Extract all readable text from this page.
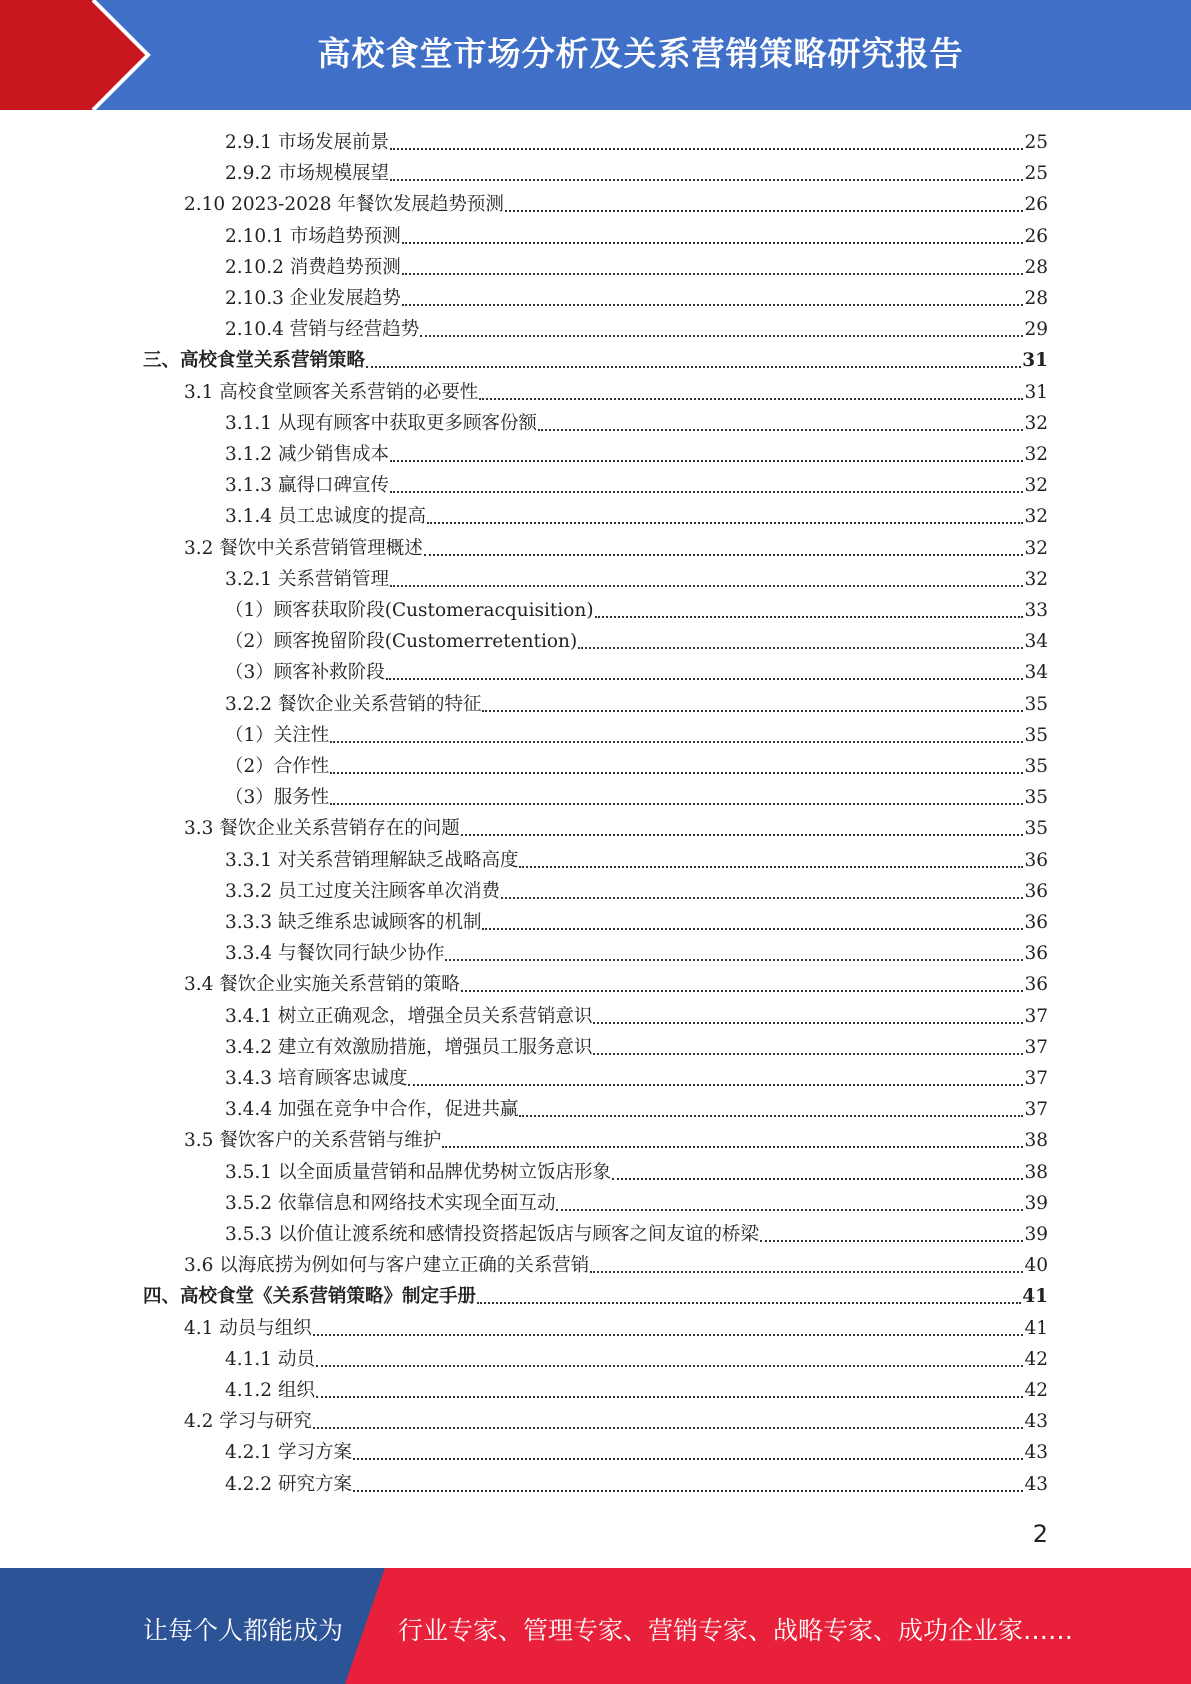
高校食堂市场分析及关系营销策略研究报告
2.9.1 市场发展前景	25
2.9.2 市场规模展望	25
2.10 2023-2028 年餐饮发展趋势预测	26
2.10.1 市场趋势预测	26
2.10.2 消费趋势预测	28
2.10.3 企业发展趋势	28
2.10.4 营销与经营趋势	29
三、高校食堂关系营销策略	31
3.1 高校食堂顾客关系营销的必要性	31
3.1.1 从现有顾客中获取更多顾客份额	32
3.1.2 减少销售成本	32
3.1.3 赢得口碑宣传	32
3.1.4 员工忠诚度的提高	32
3.2 餐饮中关系营销管理概述	32
3.2.1 关系营销管理	32
（1）顾客获取阶段(Customeracquisition)	33
（2）顾客挽留阶段(Customerretention)	34
（3）顾客补救阶段	34
3.2.2 餐饮企业关系营销的特征	35
（1）关注性	35
（2）合作性	35
（3）服务性	35
3.3 餐饮企业关系营销存在的问题	35
3.3.1 对关系营销理解缺乏战略高度	36
3.3.2 员工过度关注顾客单次消费	36
3.3.3 缺乏维系忠诚顾客的机制	36
3.3.4 与餐饮同行缺少协作	36
3.4 餐饮企业实施关系营销的策略	36
3.4.1 树立正确观念，增强全员关系营销意识	37
3.4.2 建立有效激励措施，增强员工服务意识	37
3.4.3 培育顾客忠诚度	37
3.4.4 加强在竞争中合作，促进共赢	37
3.5 餐饮客户的关系营销与维护	38
3.5.1 以全面质量营销和品牌优势树立饭店形象	38
3.5.2 依靠信息和网络技术实现全面互动	39
3.5.3 以价值让渡系统和感情投资搭起饭店与顾客之间友谊的桥梁	39
3.6 以海底捞为例如何与客户建立正确的关系营销	40
四、高校食堂《关系营销策略》制定手册	41
4.1 动员与组织	41
4.1.1 动员	42
4.1.2 组织	42
4.2 学习与研究	43
4.2.1 学习方案	43
4.2.2 研究方案	43
2
让每个人都能成为 行业专家、管理专家、营销专家、战略专家、成功企业家……
